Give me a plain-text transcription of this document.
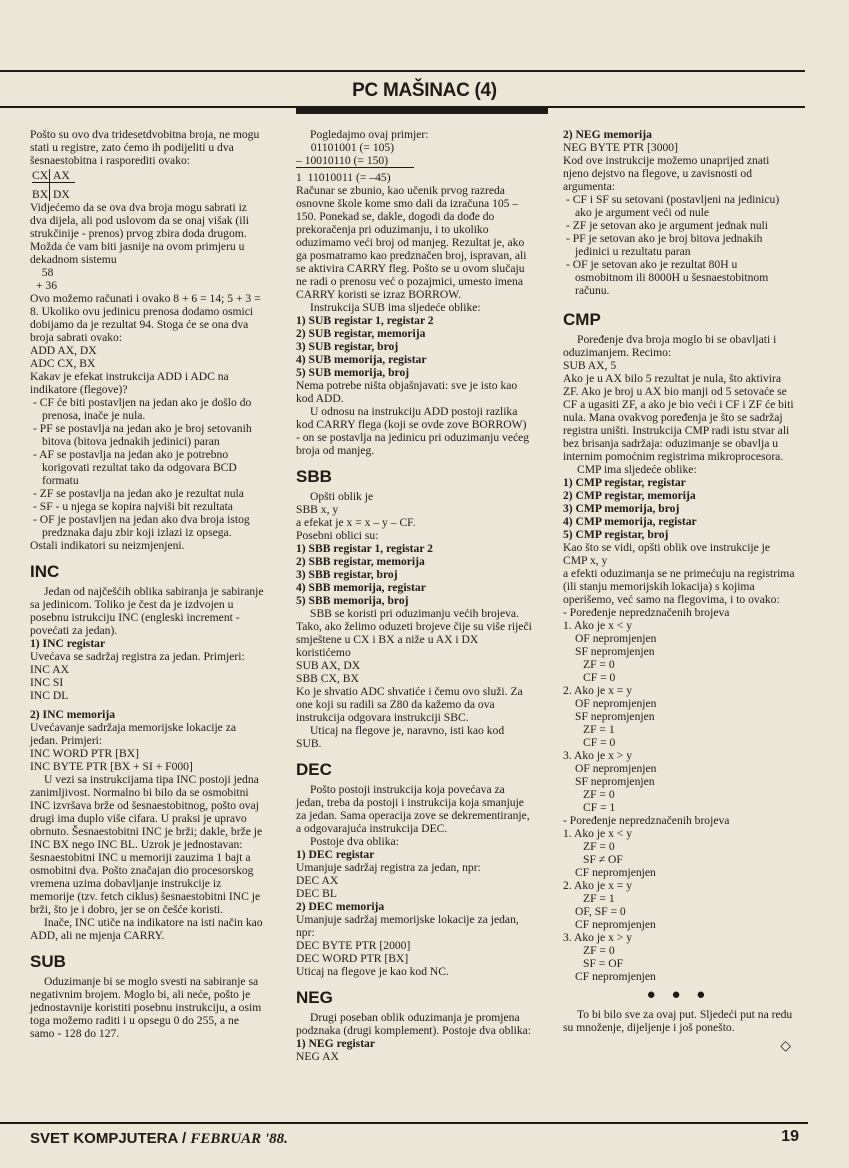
PC MAŠINAC (4)

Pošto su ovo dva tridesetdvobitna broja, ne mogu stati u registre, zato ćemo ih podijeliti u dva šesnaestobitna i rasporediti ovako:

CX AX
BX DX

Vidjećemo da se ova dva broja mogu sabrati iz dva dijela, ali pod uslovom da se onaj višak (ili strukčinije - prenos) prvog zbira doda drugom. Možda će vam biti jasnije na ovom primjeru u dekadnom sistemu

58
+ 36

Ovo možemo računati i ovako 8 + 6 = 14; 5 + 3 = 8. Ukoliko ovu jedinicu prenosa dodamo osmici dobijamo da je rezultat 94. Stoga će se ona dva broja sabrati ovako:

ADD AX, DX
ADC CX, BX

Kakav je efekat instrukcija ADD i ADC na indikatore (flegove)?

- CF će biti postavljen na jedan ako je došlo do prenosa, inače je nula.
- PF se postavlja na jedan ako je broj setovanih bitova (bitova jednakih jedinici) paran
- AF se postavlja na jedan ako je potrebno korigovati rezultat tako da odgovara BCD formatu
- ZF se postavlja na jedan ako je rezultat nula
- SF - u njega se kopira najviši bit rezultata
- OF je postavljen na jedan ako dva broja istog predznaka daju zbir koji izlazi iz opsega.

Ostali indikatori su neizmjenjeni.

INC

Jedan od najčešćih oblika sabiranja je sabiranje sa jedinicom. Toliko je čest da je izdvojen u posebnu istrukciju INC (engleski increment - povećati za jedan).

1) INC registar

Uvećava se sadržaj registra za jedan. Primjeri:

INC AX
INC SI
INC DL

2) INC memorija

Uvećavanje sadržaja memorijske lokacije za jedan. Primjeri:

INC WORD PTR [BX]
INC BYTE PTR [BX + SI + F000]

U vezi sa instrukcijama tipa INC postoji jedna zanimljivost. Normalno bi bilo da se osmobitni INC izvršava brže od šesnaestobitnog, pošto ovaj drugi ima duplo više cifara. U praksi je upravo obrnuto. Šesnaestobitni INC je brži; dakle, brže je INC BX nego INC BL. Uzrok je jednostavan: šesnaestobitni INC u memoriji zauzima 1 bajt a osmobitni dva. Pošto značajan dio procesorskog vremena uzima dobavljanje instrukcije iz memorije (tzv. fetch ciklus) šesnaestobitni INC je brži, što je i dobro, jer se on češće koristi.

Inače, INC utiče na indikatore na isti način kao ADD, ali ne mjenja CARRY.

SUB

Oduzimanje bi se moglo svesti na sabiranje sa negativnim brojem. Moglo bi, ali neće, pošto je jednostavnije koristiti posebnu instrukciju, a osim toga možemo raditi i u opsegu 0 do 255, a ne samo - 128 do 127.

Pogledajmo ovaj primjer:

01101001 (= 105)
– 10010110 (= 150)
1  11010011 (= –45)

Računar se zbunio, kao učenik prvog razreda osnovne škole kome smo dali da izračuna 105 – 150. Ponekad se, dakle, dogodi da dođe do prekoračenja pri oduzimanju, i to ukoliko oduzimamo veći broj od manjeg. Rezultat je, ako ga posmatramo kao predznačen broj, ispravan, ali se aktivira CARRY fleg. Pošto se u ovom slučaju ne radi o prenosu već o pozajmici, umesto imena CARRY koristi se izraz BORROW.

Instrukcija SUB ima sljedeće oblike:

1) SUB registar 1, registar 2

2) SUB registar, memorija

3) SUB registar, broj

4) SUB memorija, registar

5) SUB memorija, broj

Nema potrebe ništa objašnjavati: sve je isto kao kod ADD.

U odnosu na instrukciju ADD postoji razlika kod CARRY flega (koji se ovde zove BORROW) - on se postavlja na jedinicu pri oduzimanju većeg broja od manjeg.

SBB

Opšti oblik je

SBB x, y

a efekat je x = x – y – CF.

Posebni oblici su:

1) SBB registar 1, registar 2

2) SBB registar, memorija

3) SBB registar, broj

4) SBB memorija, registar

5) SBB memorija, broj

SBB se koristi pri oduzimanju većih brojeva. Tako, ako želimo oduzeti brojeve čije su više riječi smještene u CX i BX a niže u AX i DX koristićemo

SUB AX, DX
SBB CX, BX

Ko je shvatio ADC shvatiće i čemu ovo služi. Za one koji su radili sa Z80 da kažemo da ova instrukcija odgovara instrukciji SBC.

Uticaj na flegove je, naravno, isti kao kod SUB.

DEC

Pošto postoji instrukcija koja povećava za jedan, treba da postoji i instrukcija koja smanjuje za jedan. Sama operacija zove se dekrementiranje, a odgovarajuća instrukcija DEC.

Postoje dva oblika:

1) DEC registar

Umanjuje sadržaj registra za jedan, npr:

DEC AX
DEC BL

2) DEC memorija

Umanjuje sadržaj memorijske lokacije za jedan, npr:

DEC BYTE PTR [2000]
DEC WORD PTR [BX]

Uticaj na flegove je kao kod NC.

NEG

Drugi poseban oblik oduzimanja je promjena podznaka (drugi komplement). Postoje dva oblika:

1) NEG registar

NEG AX

2) NEG memorija

NEG BYTE PTR [3000]

Kod ove instrukcije možemo unaprijed znati njeno dejstvo na flegove, u zavisnosti od argumenta:

- CF i SF su setovani (postavljeni na jedinicu) ako je argument veći od nule
- ZF je setovan ako je argument jednak nuli
- PF je setovan ako je broj bitova jednakih jedinici u rezultatu paran
- OF je setovan ako je rezultat 80H u osmobitnom ili 8000H u šesnaestobitnom računu.

CMP

Poređenje dva broja moglo bi se obavljati i oduzimanjem. Recimo:

SUB AX, 5

Ako je u AX bilo 5 rezultat je nula, što aktivira ZF. Ako je broj u AX bio manji od 5 setovaće se CF a ugasiti ZF, a ako je bio veći i CF i ZF će biti nula. Mana ovakvog poređenja je što se sadržaj registra uništi. Instrukcija CMP radi istu stvar ali bez brisanja sadržaja: oduzimanje se obavlja u internim pomoćnim registrima mikroprocesora.

CMP ima sljedeće oblike:

1) CMP registar, registar

2) CMP registar, memorija

3) CMP memorija, broj

4) CMP memorija, registar

5) CMP registar, broj

Kao što se vidi, opšti oblik ove instrukcije je

CMP x, y

a efekti oduzimanja se ne primećuju na registrima (ili stanju memorijskih lokacija) s kojima operišemo, već samo na flegovima, i to ovako:

- Poređenje nepredznačenih brojeva
1. Ako je x < y
OF nepromjenjen
SF nepromjenjen
ZF = 0
CF = 0
2. Ako je x = y
OF nepromjenjen
SF nepromjenjen
ZF = 1
CF = 0
3. Ako je x > y
OF nepromjenjen
SF nepromjenjen
ZF = 0
CF = 1
- Poređenje nepredznačenih brojeva
1. Ako je x < y
ZF = 0
SF ≠ OF
CF nepromjenjen
2. Ako je x = y
ZF = 1
OF, SF = 0
CF nepromjenjen
3. Ako je x > y
ZF = 0
SF = OF
CF nepromjenjen

● ● ●

To bi bilo sve za ovaj put. Sljedeći put na redu su množenje, dijeljenje i još ponešto.

◇

SVET KOMPJUTERA / FEBRUAR '88.	19
